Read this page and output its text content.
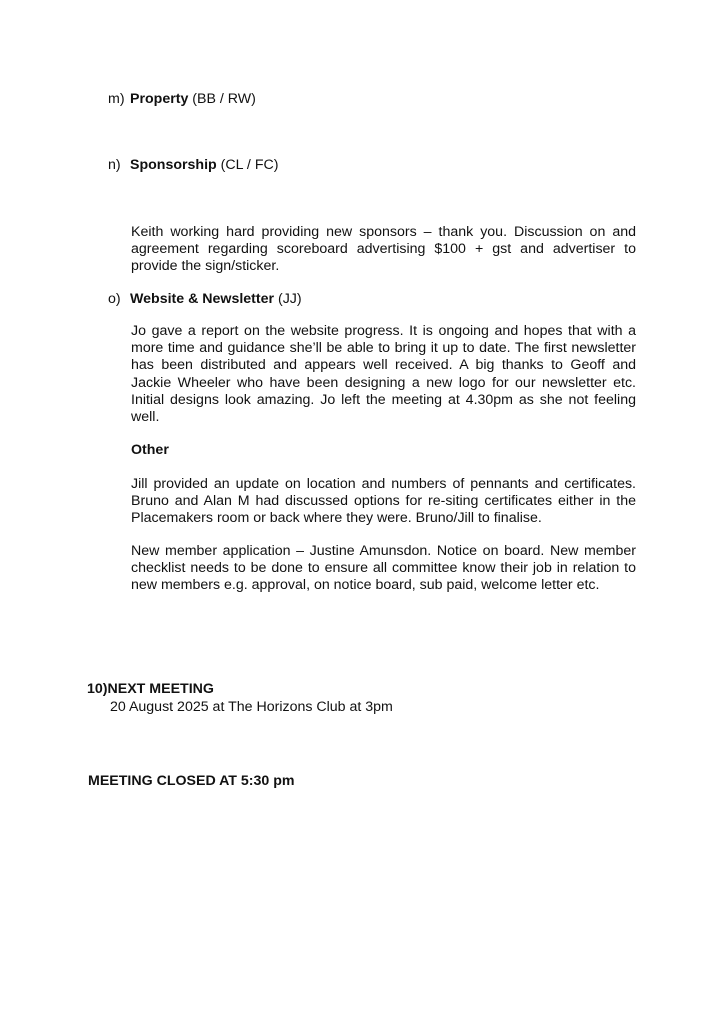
m) Property (BB / RW)
n) Sponsorship (CL / FC)
Keith working hard providing new sponsors – thank you. Discussion on and agreement regarding scoreboard advertising $100 + gst and advertiser to provide the sign/sticker.
o) Website & Newsletter (JJ)
Jo gave a report on the website progress. It is ongoing and hopes that with a more time and guidance she’ll be able to bring it up to date. The first newsletter has been distributed and appears well received. A big thanks to Geoff and Jackie Wheeler who have been designing a new logo for our newsletter etc. Initial designs look amazing. Jo left the meeting at 4.30pm as she not feeling well.
Other
Jill provided an update on location and numbers of pennants and certificates. Bruno and Alan M had discussed options for re-siting certificates either in the Placemakers room or back where they were. Bruno/Jill to finalise.
New member application – Justine Amunsdon. Notice on board. New member checklist needs to be done to ensure all committee know their job in relation to new members e.g. approval, on notice board, sub paid, welcome letter etc.
10)NEXT MEETING
20 August 2025 at The Horizons Club at 3pm
MEETING CLOSED AT 5:30 pm
